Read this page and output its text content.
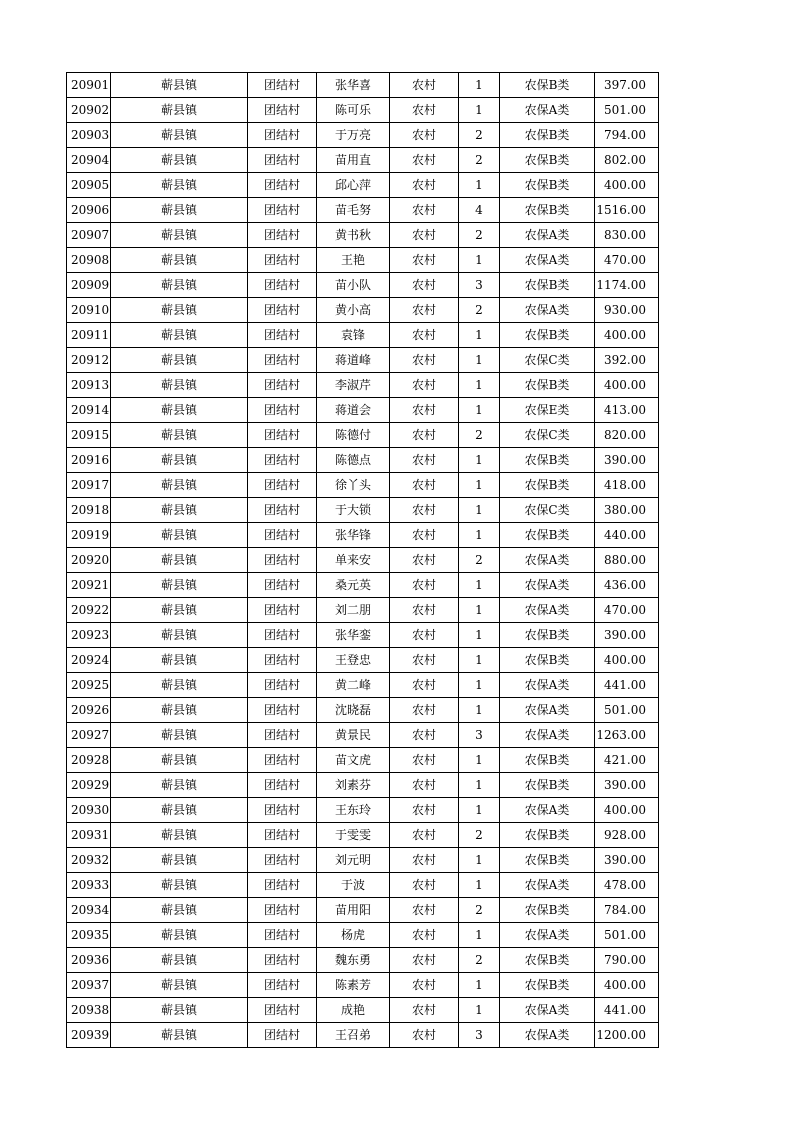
20901	蕲县镇	团结村	张华喜	农村	1	农保B类	397.00
20902	蕲县镇	团结村	陈可乐	农村	1	农保A类	501.00
20903	蕲县镇	团结村	于万亮	农村	2	农保B类	794.00
20904	蕲县镇	团结村	苗用直	农村	2	农保B类	802.00
20905	蕲县镇	团结村	邱心萍	农村	1	农保B类	400.00
20906	蕲县镇	团结村	苗毛努	农村	4	农保B类	1516.00
20907	蕲县镇	团结村	黄书秋	农村	2	农保A类	830.00
20908	蕲县镇	团结村	王艳	农村	1	农保A类	470.00
20909	蕲县镇	团结村	苗小队	农村	3	农保B类	1174.00
20910	蕲县镇	团结村	黄小高	农村	2	农保A类	930.00
20911	蕲县镇	团结村	袁锋	农村	1	农保B类	400.00
20912	蕲县镇	团结村	蒋道峰	农村	1	农保C类	392.00
20913	蕲县镇	团结村	李淑芹	农村	1	农保B类	400.00
20914	蕲县镇	团结村	蒋道会	农村	1	农保E类	413.00
20915	蕲县镇	团结村	陈德付	农村	2	农保C类	820.00
20916	蕲县镇	团结村	陈德点	农村	1	农保B类	390.00
20917	蕲县镇	团结村	徐丫头	农村	1	农保B类	418.00
20918	蕲县镇	团结村	于大锁	农村	1	农保C类	380.00
20919	蕲县镇	团结村	张华锋	农村	1	农保B类	440.00
20920	蕲县镇	团结村	单来安	农村	2	农保A类	880.00
20921	蕲县镇	团结村	桑元英	农村	1	农保A类	436.00
20922	蕲县镇	团结村	刘二朋	农村	1	农保A类	470.00
20923	蕲县镇	团结村	张华銮	农村	1	农保B类	390.00
20924	蕲县镇	团结村	王登忠	农村	1	农保B类	400.00
20925	蕲县镇	团结村	黄二峰	农村	1	农保A类	441.00
20926	蕲县镇	团结村	沈晓磊	农村	1	农保A类	501.00
20927	蕲县镇	团结村	黄景民	农村	3	农保A类	1263.00
20928	蕲县镇	团结村	苗文虎	农村	1	农保B类	421.00
20929	蕲县镇	团结村	刘素芬	农村	1	农保B类	390.00
20930	蕲县镇	团结村	王东玲	农村	1	农保A类	400.00
20931	蕲县镇	团结村	于雯雯	农村	2	农保B类	928.00
20932	蕲县镇	团结村	刘元明	农村	1	农保B类	390.00
20933	蕲县镇	团结村	于波	农村	1	农保A类	478.00
20934	蕲县镇	团结村	苗用阳	农村	2	农保B类	784.00
20935	蕲县镇	团结村	杨虎	农村	1	农保A类	501.00
20936	蕲县镇	团结村	魏东勇	农村	2	农保B类	790.00
20937	蕲县镇	团结村	陈素芳	农村	1	农保B类	400.00
20938	蕲县镇	团结村	成艳	农村	1	农保A类	441.00
20939	蕲县镇	团结村	王召弟	农村	3	农保A类	1200.00
